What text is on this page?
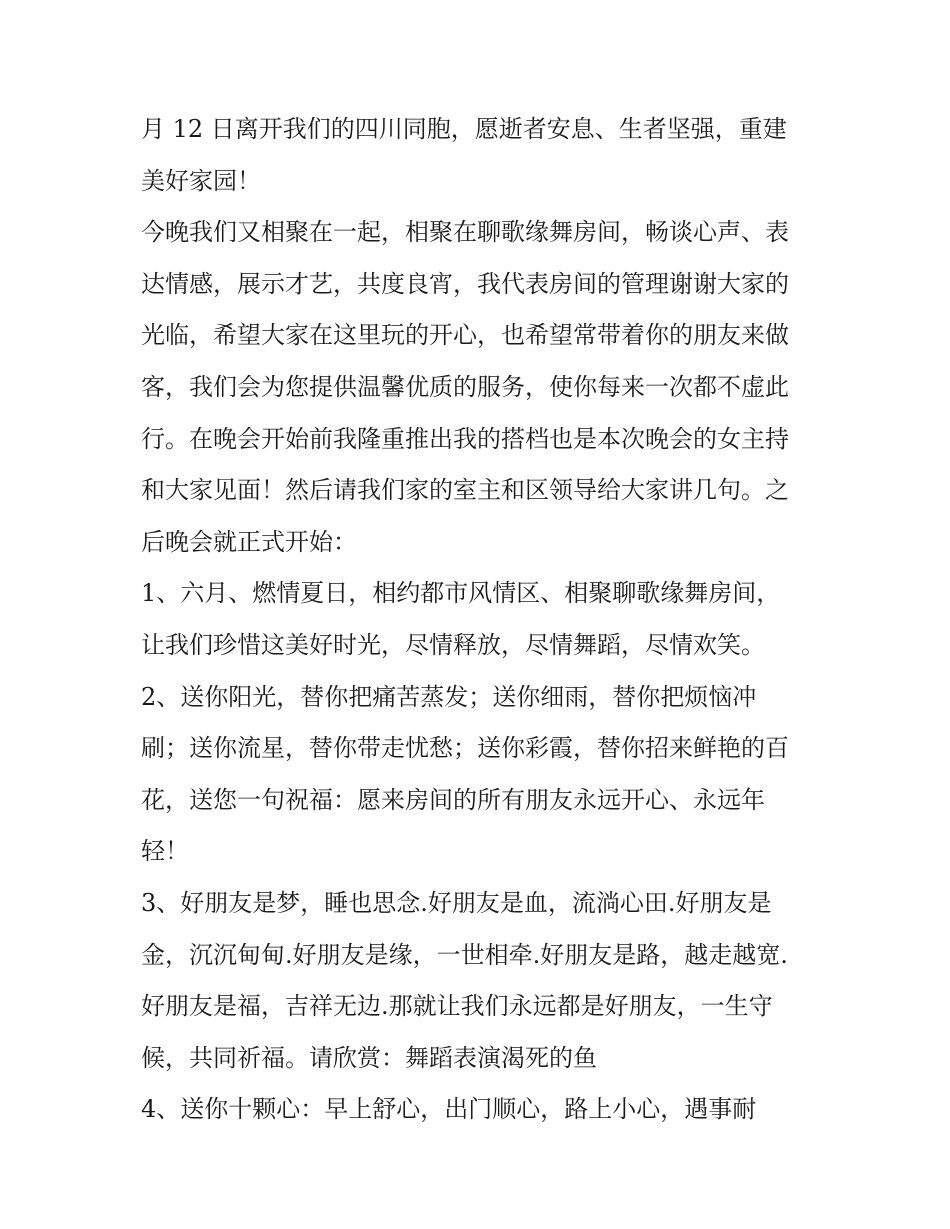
月 12 日离开我们的四川同胞，愿逝者安息、生者坚强，重建
美好家园！
今晚我们又相聚在一起，相聚在聊歌缘舞房间，畅谈心声、表
达情感，展示才艺，共度良宵，我代表房间的管理谢谢大家的
光临，希望大家在这里玩的开心，也希望常带着你的朋友来做
客，我们会为您提供温馨优质的服务，使你每来一次都不虚此
行。在晚会开始前我隆重推出我的搭档也是本次晚会的女主持
和大家见面！然后请我们家的室主和区领导给大家讲几句。之
后晚会就正式开始：
1、六月、燃情夏日，相约都市风情区、相聚聊歌缘舞房间，
让我们珍惜这美好时光，尽情释放，尽情舞蹈，尽情欢笑。
2、送你阳光，替你把痛苦蒸发；送你细雨，替你把烦恼冲
刷；送你流星，替你带走忧愁；送你彩霞，替你招来鲜艳的百
花，送您一句祝福：愿来房间的所有朋友永远开心、永远年
轻！
3、好朋友是梦，睡也思念.好朋友是血，流淌心田.好朋友是
金，沉沉甸甸.好朋友是缘，一世相牵.好朋友是路，越走越宽.
好朋友是福，吉祥无边.那就让我们永远都是好朋友，一生守
候，共同祈福。请欣赏：舞蹈表演渴死的鱼
4、送你十颗心：早上舒心，出门顺心，路上小心，遇事耐
